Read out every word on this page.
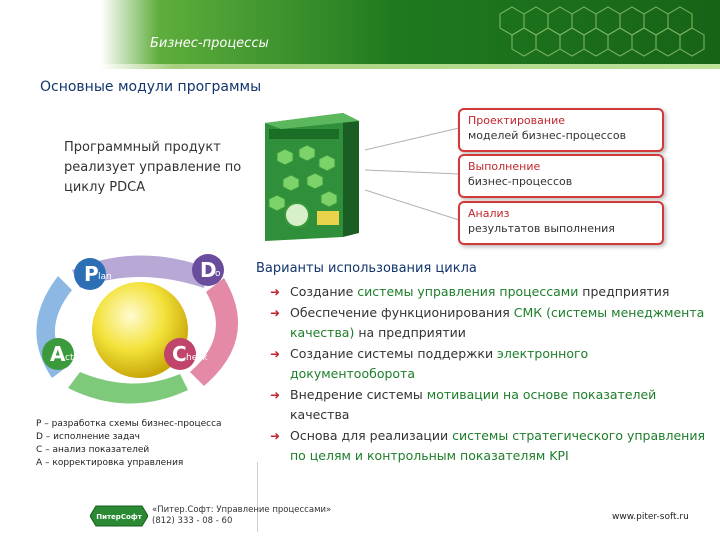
Бизнес-процессы
Основные модули программы
Программный продукт реализует управление по циклу PDCA
Проектирование
моделей бизнес-процессов
Выполнение
бизнес-процессов
Анализ
результатов выполнения
P lan	D
o
C heck
A ct
P – разработка схемы бизнес-процесса
D – исполнение задач
C – анализ показателей
A – корректировка управления
Варианты использования цикла
➜ Создание системы управления процессами предприятия
➜ Обеспечение функционирования СМК (системы менеджмента качества) на предприятии
➜ Создание системы поддержки электронного документооборота
➜ Внедрение системы мотивации на основе показателей качества
➜ Основа для реализации системы стратегического управления по целям и контрольным показателям KPI
ПитерСофт
«Питер.Софт: Управление процессами»
(812) 333 - 08 - 60	www.piter-soft.ru
